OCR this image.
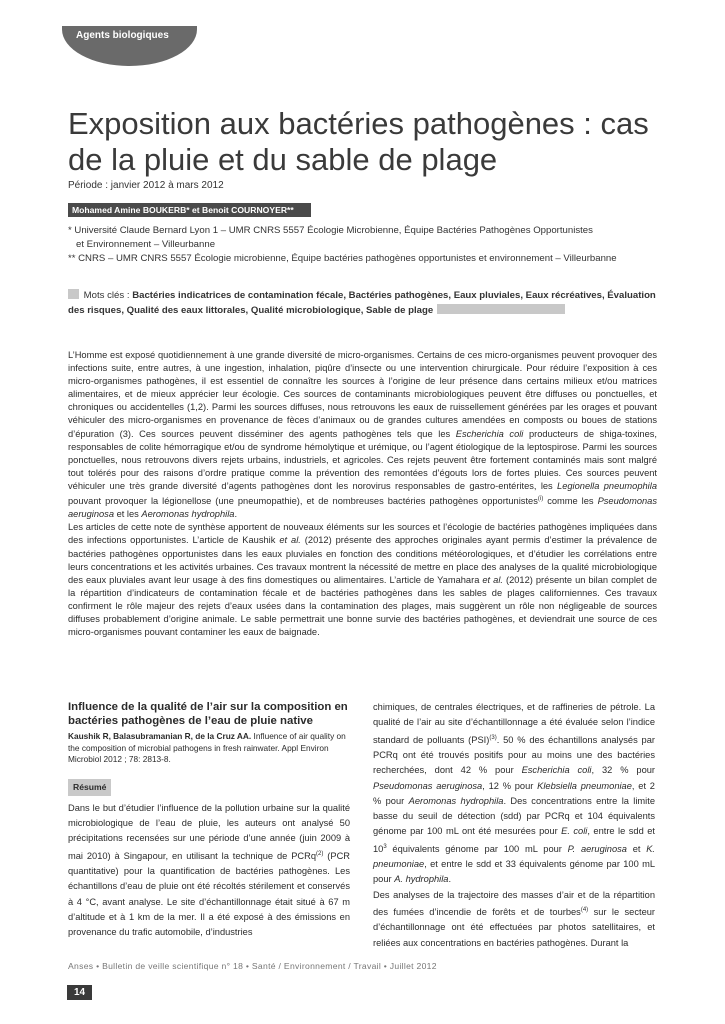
Agents biologiques
Exposition aux bactéries pathogènes : cas de la pluie et du sable de plage
Période : janvier 2012 à mars 2012
Mohamed Amine BOUKERB* et Benoit COURNOYER**
* Université Claude Bernard Lyon 1 – UMR CNRS 5557 Écologie Microbienne, Équipe Bactéries Pathogènes Opportunistes
et Environnement – Villeurbanne
** CNRS – UMR CNRS 5557 Écologie microbienne, Équipe bactéries pathogènes opportunistes et environnement – Villeurbanne
Mots clés : Bactéries indicatrices de contamination fécale, Bactéries pathogènes, Eaux pluviales, Eaux récréatives, Évaluation des risques, Qualité des eaux littorales, Qualité microbiologique, Sable de plage

L’Homme est exposé quotidiennement à une grande diversité de micro-organismes. Certains de ces micro-organismes peuvent provoquer des infections suite, entre autres, à une ingestion, inhalation, piqûre d’insecte ou une intervention chirurgicale. Pour réduire l’exposition à ces micro-organismes pathogènes, il est essentiel de connaître les sources à l’origine de leur présence dans certains milieux et/ou matrices alimentaires, et de mieux apprécier leur écologie. Ces sources de contaminants microbiologiques peuvent être diffuses ou ponctuelles, et chroniques ou accidentelles (1,2). Parmi les sources diffuses, nous retrouvons les eaux de ruissellement générées par les orages et pouvant véhiculer des micro-organismes en provenance de fèces d’animaux ou de grandes cultures amendées en composts ou boues de stations d’épuration (3). Ces sources peuvent disséminer des agents pathogènes tels que les Escherichia coli producteurs de shiga-toxines, responsables de colite hémorragique et/ou de syndrome hémolytique et urémique, ou l’agent étiologique de la leptospirose. Parmi les sources ponctuelles, nous retrouvons divers rejets urbains, industriels, et agricoles. Ces rejets peuvent être fortement contaminés mais sont malgré tout tolérés pour des raisons d’ordre pratique comme la prévention des remontées d’égouts lors de fortes pluies. Ces sources peuvent véhiculer une très grande diversité d’agents pathogènes dont les norovirus responsables de gastro-entérites, les Legionella pneumophila pouvant provoquer la légionellose (une pneumopathie), et de nombreuses bactéries pathogènes opportunistes$^{(i)}$ comme les Pseudomonas aeruginosa et les Aeromonas hydrophila.

Les articles de cette note de synthèse apportent de nouveaux éléments sur les sources et l’écologie de bactéries pathogènes impliquées dans des infections opportunistes. L’article de Kaushik et al. (2012) présente des approches originales ayant permis d’estimer la prévalence de bactéries pathogènes opportunistes dans les eaux pluviales en fonction des conditions météorologiques, et d’étudier les corrélations entre leurs concentrations et les activités urbaines. Ces travaux montrent la nécessité de mettre en place des analyses de la qualité microbiologique des eaux pluviales avant leur usage à des fins domestiques ou alimentaires. L’article de Yamahara et al. (2012) présente un bilan complet de la répartition d’indicateurs de contamination fécale et de bactéries pathogènes dans les sables de plages californiennes. Ces travaux confirment le rôle majeur des rejets d’eaux usées dans la contamination des plages, mais suggèrent un rôle non négligeable de sources diffuses probablement d’origine animale. Le sable permettrait une bonne survie des bactéries pathogènes, et deviendrait une source de ces micro-organismes pouvant contaminer les eaux de baignade.

Influence de la qualité de l’air sur la composition en bactéries pathogènes de l’eau de pluie native
Kaushik R, Balasubramanian R, de la Cruz AA. Influence of air quality on the composition of microbial pathogens in fresh rainwater. Appl Environ Microbiol 2012 ; 78: 2813-8.
Résumé

Dans le but d’étudier l’influence de la pollution urbaine sur la qualité microbiologique de l’eau de pluie, les auteurs ont analysé 50 précipitations recensées sur une période d’une année (juin 2009 à mai 2010) à Singapour, en utilisant la technique de PCRq$^{(2)}$ (PCR quantitative) pour la quantification de bactéries pathogènes. Les échantillons d’eau de pluie ont été récoltés stérilement et conservés à 4 °C, avant analyse. Le site d’échantillonnage était situé à 67 m d’altitude et à 1 km de la mer. Il a été exposé à des émissions en provenance du trafic automobile, d’industries

chimiques, de centrales électriques, et de raffineries de pétrole. La qualité de l’air au site d’échantillonnage a été évaluée selon l’indice standard de polluants (PSI)$^{(3)}$. 50 % des échantillons analysés par PCRq ont été trouvés positifs pour au moins une des bactéries recherchées, dont 42 % pour Escherichia coli, 32 % pour Pseudomonas aeruginosa, 12 % pour Klebsiella pneumoniae, et 2 % pour Aeromonas hydrophila. Des concentrations entre la limite basse du seuil de détection (sdd) par PCRq et 104 équivalents génome par 100 mL ont été mesurées pour E. coli, entre le sdd et $10^3$ équivalents génome par 100 mL pour P. aeruginosa et K. pneumoniae, et entre le sdd et 33 équivalents génome par 100 mL pour A. hydrophila.

Des analyses de la trajectoire des masses d’air et de la répartition des fumées d’incendie de forêts et de tourbes$^{(4)}$ sur le secteur d’échantillonnage ont été effectuées par photos satellitaires, et reliées aux concentrations en bactéries pathogènes. Durant la

Anses • Bulletin de veille scientifique n° 18 • Santé / Environnement / Travail • Juillet 2012
14
